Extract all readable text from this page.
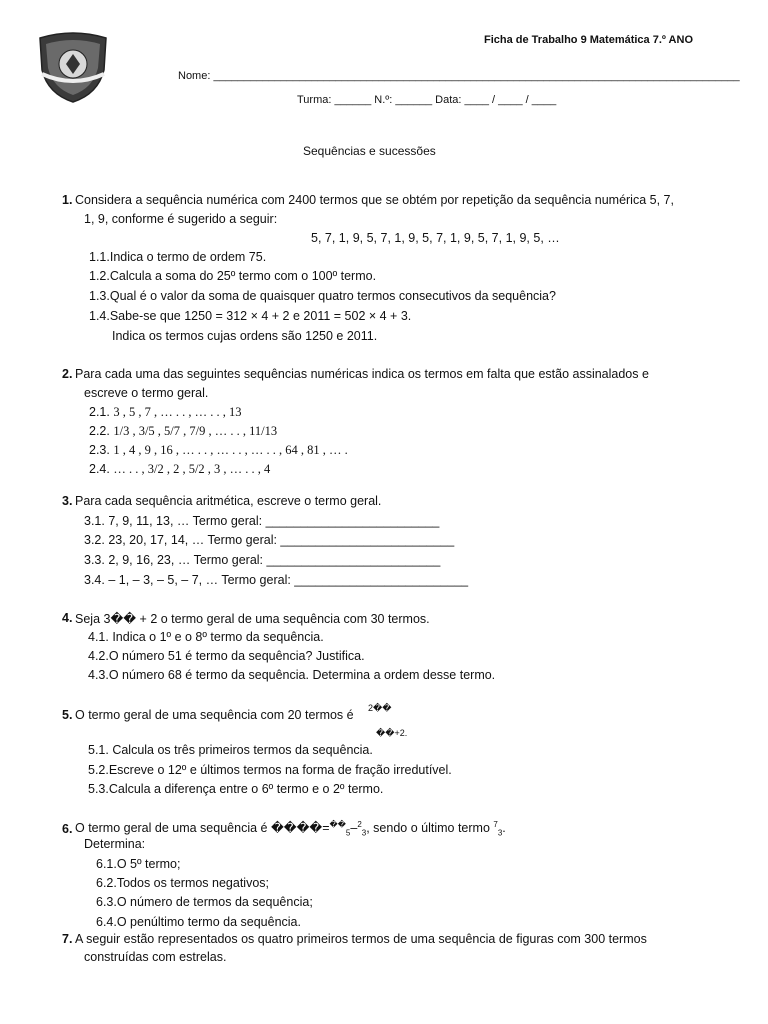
Ficha de Trabalho 9 Matemática 7.º ANO
Nome: ______________________________________________________________________________________
Turma: ______ N.º: ______ Data: ____ / ____ / ____
Sequências e sucessões
1. Considera a sequência numérica com 2400 termos que se obtém por repetição da sequência numérica 5, 7,
1, 9, conforme é sugerido a seguir:
5, 7, 1, 9, 5, 7, 1, 9, 5, 7, 1, 9, 5, 7, 1, 9, 5, …
1.1.Indica o termo de ordem 75.
1.2.Calcula a soma do 25º termo com o 100º termo.
1.3.Qual é o valor da soma de quaisquer quatro termos consecutivos da sequência?
1.4.Sabe-se que 1250 = 312 × 4 + 2 e 2011 = 502 × 4 + 3.
Indica os termos cujas ordens são 1250 e 2011.
2. Para cada uma das seguintes sequências numéricas indica os termos em falta que estão assinalados e
escreve o termo geral.
2.1. 3 , 5 , 7 , … . . , … . . , 13
2.2. 1/3 , 3/5 , 5/7 , 7/9 , … . . , 11/13
2.3. 1 , 4 , 9 , 16 , … . . , … . . , … . . , 64 , 81 , … .
2.4. … . . , 3/2 , 2 , 5/2 , 3 , … . . , 4
3. Para cada sequência aritmética, escreve o termo geral.
3.1. 7, 9, 11, 13, … Termo geral: _________________________
3.2. 23, 20, 17, 14, … Termo geral: _________________________
3.3. 2, 9, 16, 23, … Termo geral: _________________________
3.4. – 1, – 3, – 5, – 7, … Termo geral: _________________________
4. Seja 3�� + 2 o termo geral de uma sequência com 30 termos.
4.1. Indica o 1º e o 8º termo da sequência.
4.2.O número 51 é termo da sequência? Justifica.
4.3.O número 68 é termo da sequência. Determina a ordem desse termo.
5. O termo geral de uma sequência com 20 termos é 2��
��+2.
5.1. Calcula os três primeiros termos da sequência.
5.2.Escreve o 12º e últimos termos na forma de fração irredutível.
5.3.Calcula a diferença entre o 6º termo e o 2º termo.
6. O termo geral de uma sequência é $����=^{��}_5-^2_3$, sendo o último termo $^7_3$.
Determina:
6.1.O 5º termo;
6.2.Todos os termos negativos;
6.3.O número de termos da sequência;
6.4.O penúltimo termo da sequência.
7. A seguir estão representados os quatro primeiros termos de uma sequência de figuras com 300 termos
construídas com estrelas.
